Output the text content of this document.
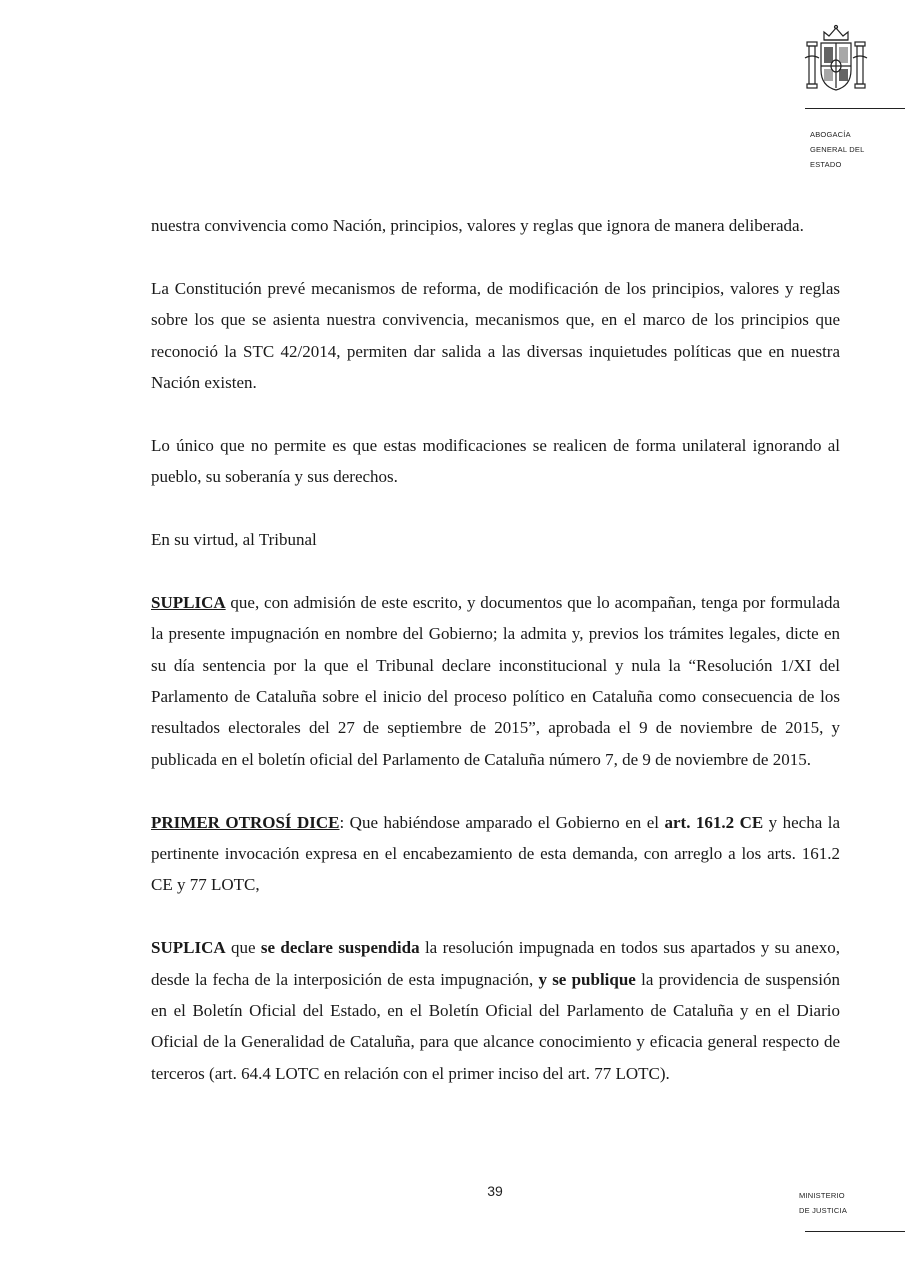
ABOGACÍA
GENERAL DEL
ESTADO

nuestra convivencia como Nación, principios, valores y reglas que ignora de manera deliberada.

La Constitución prevé mecanismos de reforma, de modificación de los principios, valores y reglas sobre los que se asienta nuestra convivencia, mecanismos que, en el marco de los principios que reconoció la STC 42/2014, permiten dar salida a las diversas inquietudes políticas que en nuestra Nación existen.

Lo único que no permite es que estas modificaciones se realicen de forma unilateral ignorando al pueblo, su soberanía y sus derechos.

En su virtud, al Tribunal

SUPLICA que, con admisión de este escrito, y documentos que lo acompañan, tenga por formulada la presente impugnación en nombre del Gobierno; la admita y, previos los trámites legales, dicte en su día sentencia por la que el Tribunal declare inconstitucional y nula la “Resolución 1/XI del Parlamento de Cataluña sobre el inicio del proceso político en Cataluña como consecuencia de los resultados electorales del 27 de septiembre de 2015”, aprobada el 9 de noviembre de 2015, y publicada en el boletín oficial del Parlamento de Cataluña número 7, de 9 de noviembre de 2015.

PRIMER OTROSÍ DICE: Que habiéndose amparado el Gobierno en el art. 161.2 CE y hecha la pertinente invocación expresa en el encabezamiento de esta demanda, con arreglo a los arts. 161.2 CE y 77 LOTC,

SUPLICA que se declare suspendida la resolución impugnada en todos sus apartados y su anexo, desde la fecha de la interposición de esta impugnación, y se publique la providencia de suspensión en el Boletín Oficial del Estado, en el Boletín Oficial del Parlamento de Cataluña y en el Diario Oficial de la Generalidad de Cataluña, para que alcance conocimiento y eficacia general respecto de terceros (art. 64.4 LOTC en relación con el primer inciso del art. 77 LOTC).

39	MINISTERIO
DE JUSTICIA
